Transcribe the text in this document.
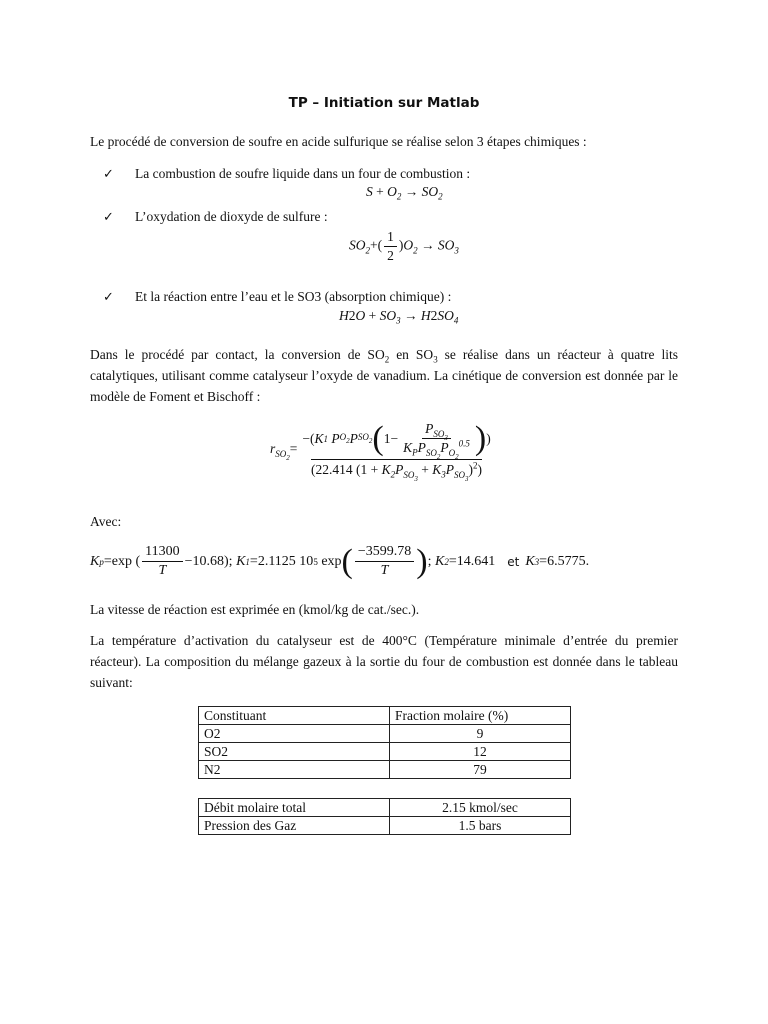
TP – Initiation sur Matlab
Le procédé de conversion de soufre en acide sulfurique se réalise selon 3 étapes chimiques :
✓ La combustion de soufre liquide dans un four de combustion :
$S + O_2 \to SO_2$
✓ L’oxydation de dioxyde de sulfure :
$SO_2+( \frac{1}{2} )O_2 \to SO_3$
✓ Et la réaction entre l’eau et le SO3 (absorption chimique) :
$H2O + SO_3 \to H2SO_4$
Dans le procédé par contact, la conversion de $SO_2$ en $SO_3$ se réalise dans un réacteur à quatre lits catalytiques, utilisant comme catalyseur l’oxyde de vanadium. La cinétique de conversion est donnée par le modèle de Foment et Bischoff :
$r_{SO_2}=$
−( K 1 P $O_2$ P $SO_2$ ( $1- \frac{P_{SO_3}}{K_PP_{SO_2}P_{O_2}^{0.5}}$ ) )
(22.414 $(1 + K_2P_{SO_3} + K_3P_{SO_3})^2$)
Avec:
K p =exp ( $\frac{11300}{T} -10.68$ ); K 1 = 2.1125 10 5 exp ( $\frac{-3599.78}{T}$ ) ; K 2 = 14.641 et K 3 = 6.5775 .
La vitesse de réaction est exprimée en (kmol/kg de cat./sec.).
La température d’activation du catalyseur est de 400°C (Température minimale d’entrée du premier réacteur). La composition du mélange gazeux à la sortie du four de combustion est donnée dans le tableau suivant:
Constituant	Fraction molaire (%)
O2	9
SO2	12
N2	79
Débit molaire total	2.15 kmol/sec
Pression des Gaz	1.5 bars
